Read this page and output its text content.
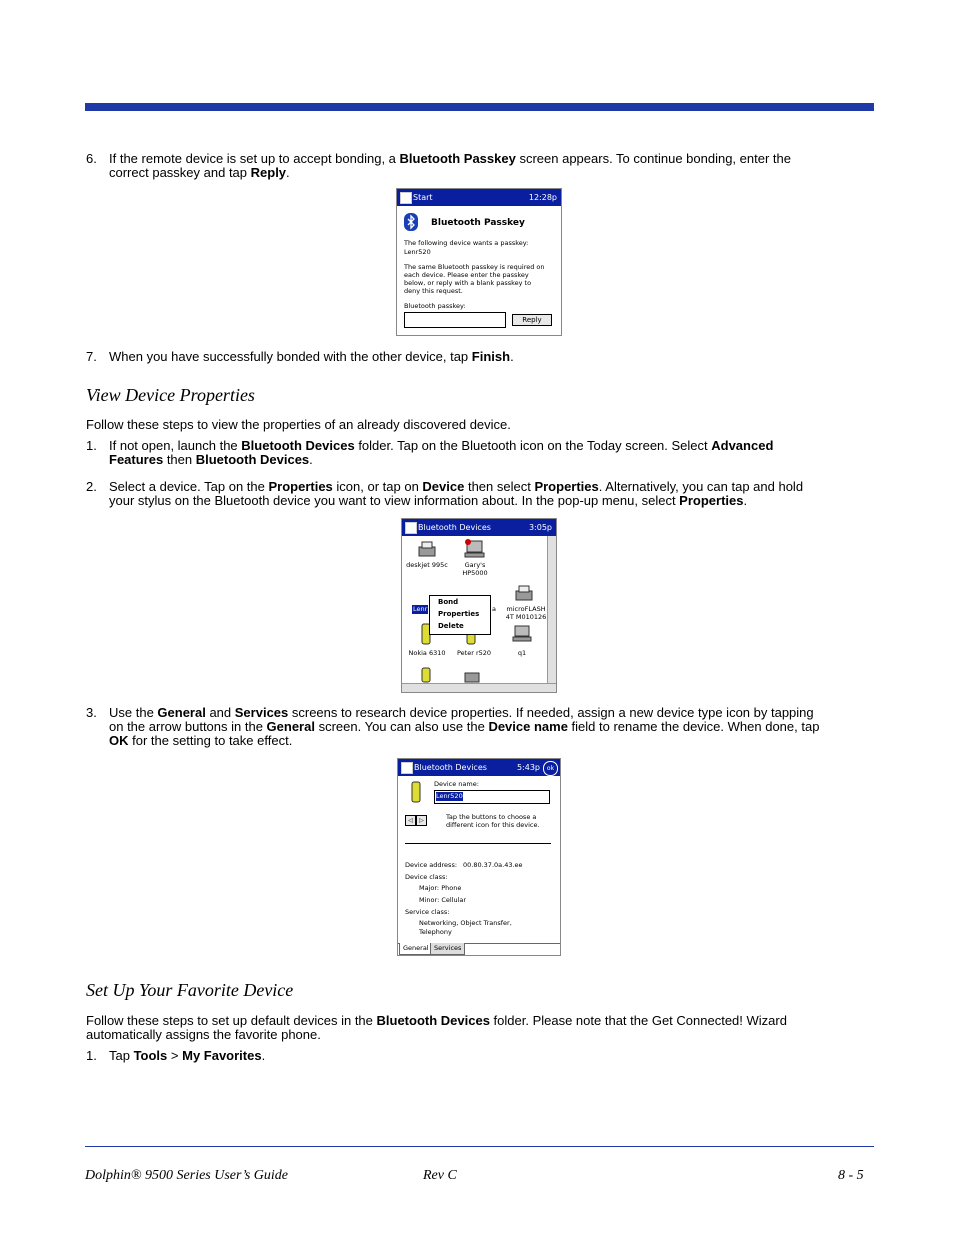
6. If the remote device is set up to accept bonding, a Bluetooth Passkey screen appears. To continue bonding, enter the
correct passkey and tap Reply.
Start	12:28p
Bluetooth Passkey
The following device wants a passkey:
Lenr520
The same Bluetooth passkey is required on
each device. Please enter the passkey
below, or reply with a blank passkey to
deny this request.
Bluetooth passkey:
Reply
7. When you have successfully bonded with the other device, tap Finish.
View Device Properties
Follow these steps to view the properties of an already discovered device.
1. If not open, launch the Bluetooth Devices folder. Tap on the Bluetooth icon on the Today screen. Select Advanced
Features then Bluetooth Devices.
2. Select a device. Tap on the Properties icon, or tap on Device then select Properties. Alternatively, you can tap and hold
your stylus on the Bluetooth device you want to view information about. In the pop-up menu, select Properties.
Bluetooth Devices	3:05p
deskjet 995c	Gary's
HP5000
Lenr	a	microFLASH
4T M010126
Nokia 6310	Peter r520	q1
Bond
Properties
Delete
3. Use the General and Services screens to research device properties. If needed, assign a new device type icon by tapping
on the arrow buttons in the General screen. You can also use the Device name field to rename the device. When done, tap
OK for the setting to take effect.
Bluetooth Devices	5:43p	ok
Device name:
Lenr520
◁	▷	Tap the buttons to choose a
different icon for this device.
Device address: 00.80.37.0a.43.ee
Device class:
Major: Phone
Minor: Cellular
Service class:
Networking, Object Transfer,
Telephony
General Services
Set Up Your Favorite Device
Follow these steps to set up default devices in the Bluetooth Devices folder. Please note that the Get Connected! Wizard
automatically assigns the favorite phone.
1. Tap Tools > My Favorites.
Dolphin® 9500 Series User’s Guide	Rev C	8 - 5
